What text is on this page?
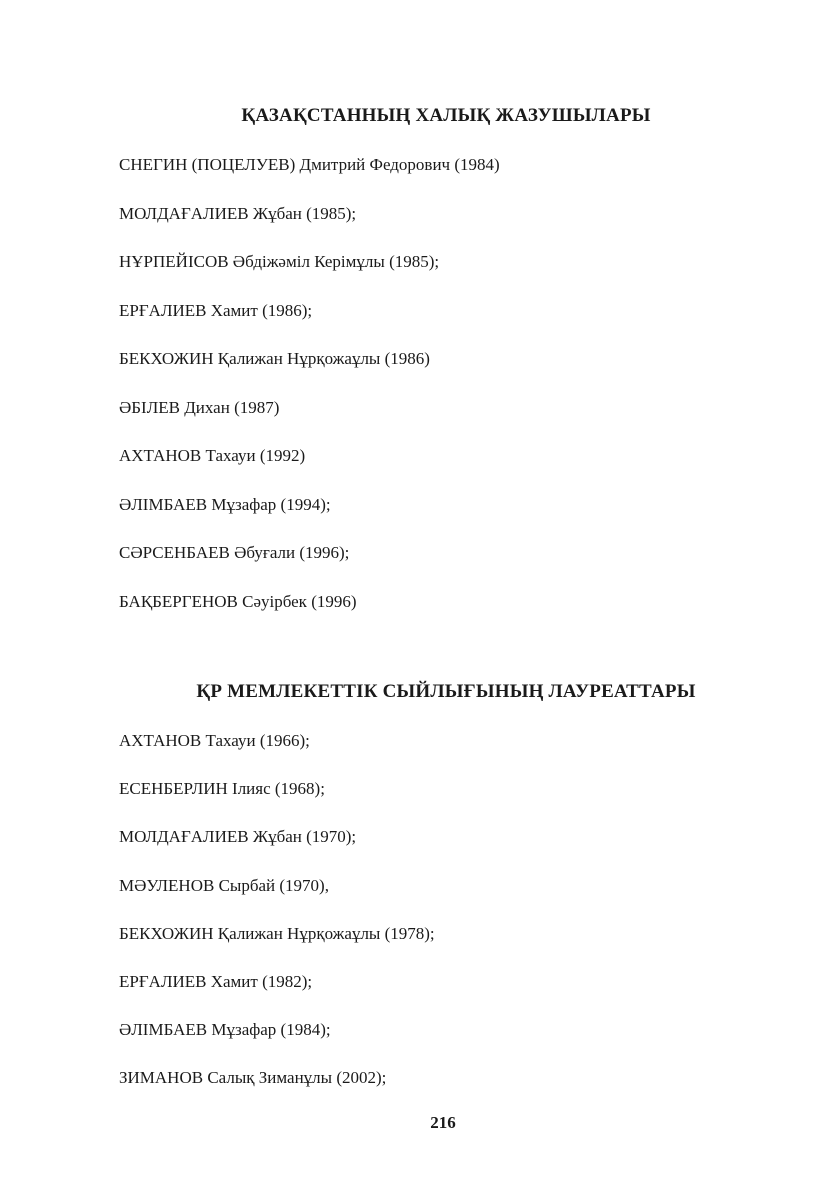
ҚАЗАҚСТАННЫҢ ХАЛЫҚ ЖАЗУШЫЛАРЫ
СНЕГИН (ПОЦЕЛУЕВ) Дмитрий Федорович (1984)
МОЛДАҒАЛИЕВ Жұбан (1985);
НҰРПЕЙІСОВ Әбдіжәміл Керімұлы (1985);
ЕРҒАЛИЕВ Хамит (1986);
БЕКХОЖИН Қалижан Нұрқожаұлы (1986)
ӘБІЛЕВ Дихан (1987)
АХТАНОВ Тахауи (1992)
ӘЛІМБАЕВ Мұзафар (1994);
СӘРСЕНБАЕВ Әбуғали (1996);
БАҚБЕРГЕНОВ Сәуірбек (1996)
ҚР МЕМЛЕКЕТТІК СЫЙЛЫҒЫНЫҢ ЛАУРЕАТТАРЫ
АХТАНОВ Тахауи (1966);
ЕСЕНБЕРЛИН Ілияс (1968);
МОЛДАҒАЛИЕВ Жұбан (1970);
МӘУЛЕНОВ Сырбай (1970),
БЕКХОЖИН Қалижан Нұрқожаұлы (1978);
ЕРҒАЛИЕВ Хамит (1982);
ӘЛІМБАЕВ Мұзафар (1984);
ЗИМАНОВ Салық Зиманұлы (2002);
216
